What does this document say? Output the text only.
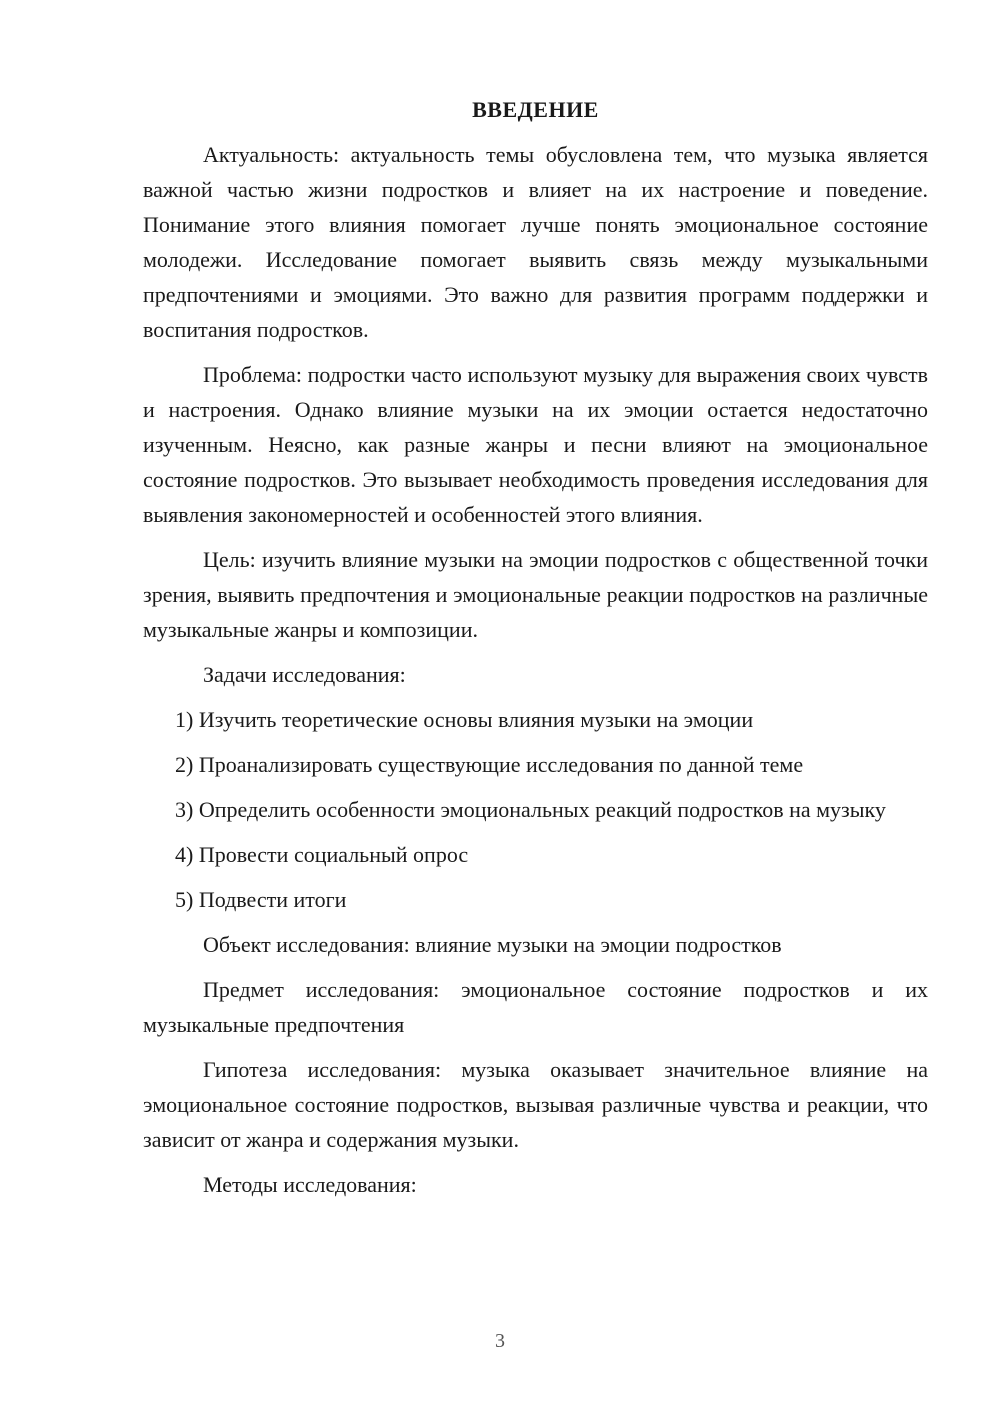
ВВЕДЕНИЕ

Актуальность: актуальность темы обусловлена тем, что музыка является важной частью жизни подростков и влияет на их настроение и поведение. Понимание этого влияния помогает лучше понять эмоциональное состояние молодежи. Исследование помогает выявить связь между музыкальными предпочтениями и эмоциями. Это важно для развития программ поддержки и воспитания подростков.

Проблема: подростки часто используют музыку для выражения своих чувств и настроения. Однако влияние музыки на их эмоции остается недостаточно изученным. Неясно, как разные жанры и песни влияют на эмоциональное состояние подростков. Это вызывает необходимость проведения исследования для выявления закономерностей и особенностей этого влияния.

Цель: изучить влияние музыки на эмоции подростков с общественной точки зрения, выявить предпочтения и эмоциональные реакции подростков на различные музыкальные жанры и композиции.

Задачи исследования:

1) Изучить теоретические основы влияния музыки на эмоции

2) Проанализировать существующие исследования по данной теме

3) Определить особенности эмоциональных реакций подростков на музыку

4) Провести социальный опрос

5) Подвести итоги

Объект исследования: влияние музыки на эмоции подростков

Предмет исследования: эмоциональное состояние подростков и их музыкальные предпочтения

Гипотеза исследования: музыка оказывает значительное влияние на эмоциональное состояние подростков, вызывая различные чувства и реакции, что зависит от жанра и содержания музыки.

Методы исследования:

3
